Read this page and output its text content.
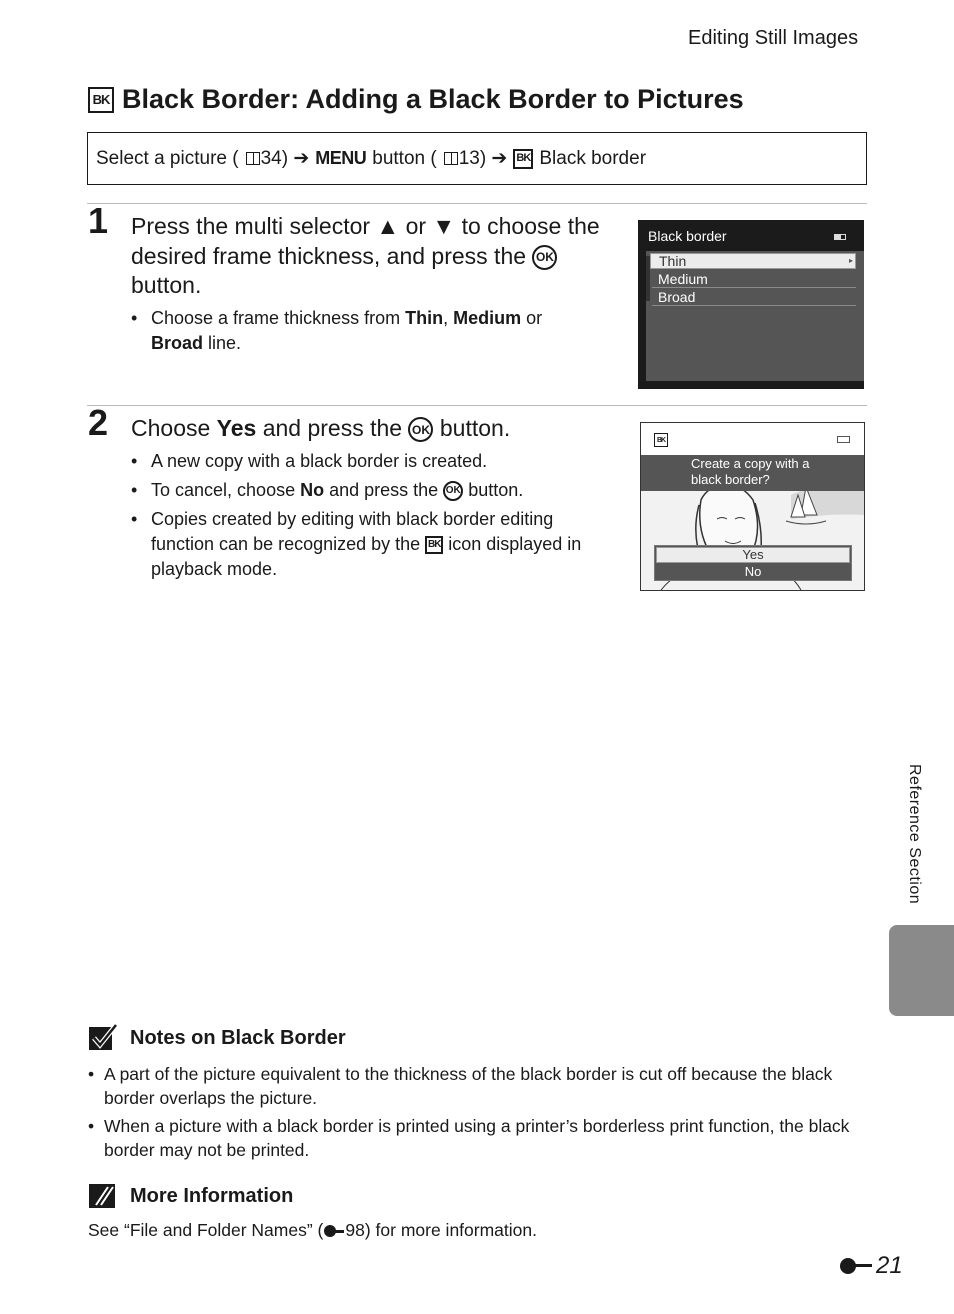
Editing Still Images
BK Black Border: Adding a Black Border to Pictures
Select a picture ( 34 ) ➔ MENU button ( 13 ) ➔ BK Black border
1 Press the multi selector ▲ or ▼ to choose the
desired frame thickness, and press the OK
button.
• Choose a frame thickness from Thin, Medium or
Broad line.
Black border
Thin	▸
Medium
Broad
2 Choose Yes and press the OK button.
• A new copy with a black border is created.
• To cancel, choose No and press the OK button.
• Copies created by editing with black border editing
function can be recognized by the BK icon displayed in
playback mode.
BK
Create a copy with a
black border?
Yes
No
Reference Section
Notes on Black Border
• A part of the picture equivalent to the thickness of the black border is cut off because the black border overlaps the picture.
• When a picture with a black border is printed using a printer’s borderless print function, the black border may not be printed.
More Information
See “File and Folder Names” ( 98) for more information.
21
